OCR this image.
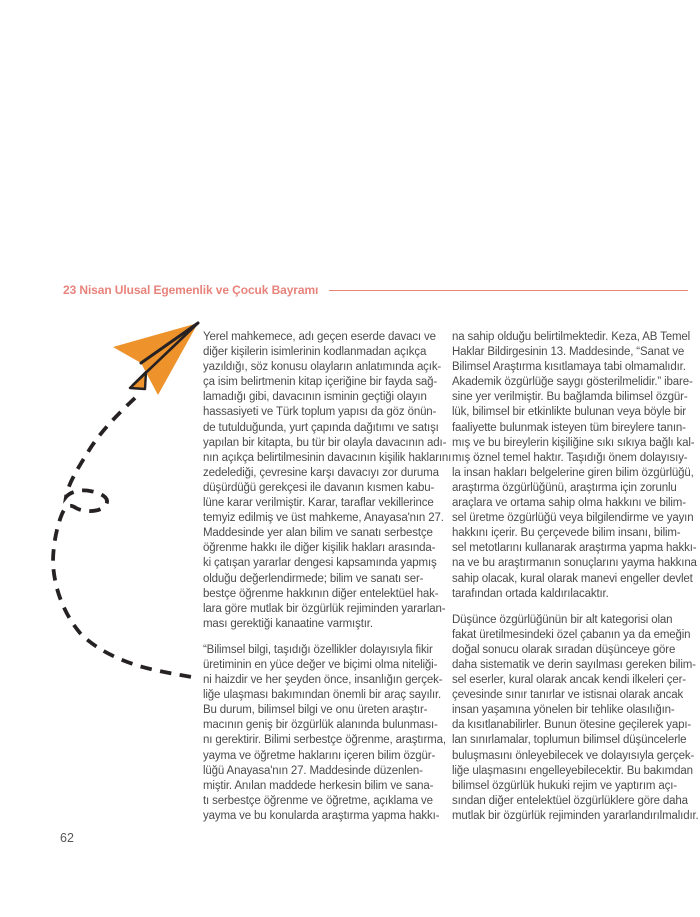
23 Nisan Ulusal Egemenlik ve Çocuk Bayramı
Yerel mahkemece, adı geçen eserde davacı ve
diğer kişilerin isimlerinin kodlanmadan açıkça
yazıldığı, söz konusu olayların anlatımında açık-
ça isim belirtmenin kitap içeriğine bir fayda sağ-
lamadığı gibi, davacının isminin geçtiği olayın
hassasiyeti ve Türk toplum yapısı da göz önün-
de tutulduğunda, yurt çapında dağıtımı ve satışı
yapılan bir kitapta, bu tür bir olayla davacının adı-
nın açıkça belirtilmesinin davacının kişilik haklarını
zedelediği, çevresine karşı davacıyı zor duruma
düşürdüğü gerekçesi ile davanın kısmen kabu-
lüne karar verilmiştir. Karar, taraflar vekillerince
temyiz edilmiş ve üst mahkeme, Anayasa'nın 27.
Maddesinde yer alan bilim ve sanatı serbestçe
öğrenme hakkı ile diğer kişilik hakları arasında-
ki çatışan yararlar dengesi kapsamında yapmış
olduğu değerlendirmede; bilim ve sanatı ser-
bestçe öğrenme hakkının diğer entelektüel hak-
lara göre mutlak bir özgürlük rejiminden yararlan-
ması gerektiği kanaatine varmıştır.
“Bilimsel bilgi, taşıdığı özellikler dolayısıyla fikir
üretiminin en yüce değer ve biçimi olma niteliği-
ni haizdir ve her şeyden önce, insanlığın gerçek-
liğe ulaşması bakımından önemli bir araç sayılır.
Bu durum, bilimsel bilgi ve onu üreten araştır-
macının geniş bir özgürlük alanında bulunması-
nı gerektirir. Bilimi serbestçe öğrenme, araştırma,
yayma ve öğretme haklarını içeren bilim özgür-
lüğü Anayasa'nın 27. Maddesinde düzenlen-
miştir. Anılan maddede herkesin bilim ve sana-
tı serbestçe öğrenme ve öğretme, açıklama ve
yayma ve bu konularda araştırma yapma hakkı-
na sahip olduğu belirtilmektedir. Keza, AB Temel
Haklar Bildirgesinin 13. Maddesinde, “Sanat ve
Bilimsel Araştırma kısıtlamaya tabi olmamalıdır.
Akademik özgürlüğe saygı gösterilmelidir.” ibare-
sine yer verilmiştir. Bu bağlamda bilimsel özgür-
lük, bilimsel bir etkinlikte bulunan veya böyle bir
faaliyette bulunmak isteyen tüm bireylere tanın-
mış ve bu bireylerin kişiliğine sıkı sıkıya bağlı kal-
mış öznel temel haktır. Taşıdığı önem dolayısıy-
la insan hakları belgelerine giren bilim özgürlüğü,
araştırma özgürlüğünü, araştırma için zorunlu
araçlara ve ortama sahip olma hakkını ve bilim-
sel üretme özgürlüğü veya bilgilendirme ve yayın
hakkını içerir. Bu çerçevede bilim insanı, bilim-
sel metotlarını kullanarak araştırma yapma hakkı-
na ve bu araştırmanın sonuçlarını yayma hakkına
sahip olacak, kural olarak manevi engeller devlet
tarafından ortada kaldırılacaktır.
Düşünce özgürlüğünün bir alt kategorisi olan
fakat üretilmesindeki özel çabanın ya da emeğin
doğal sonucu olarak sıradan düşünceye göre
daha sistematik ve derin sayılması gereken bilim-
sel eserler, kural olarak ancak kendi ilkeleri çer-
çevesinde sınır tanırlar ve istisnai olarak ancak
insan yaşamına yönelen bir tehlike olasılığın-
da kısıtlanabilirler. Bunun ötesine geçilerek yapı-
lan sınırlamalar, toplumun bilimsel düşüncelerle
buluşmasını önleyebilecek ve dolayısıyla gerçek-
liğe ulaşmasını engelleyebilecektir. Bu bakımdan
bilimsel özgürlük hukuki rejim ve yaptırım açı-
sından diğer entelektüel özgürlüklere göre daha
mutlak bir özgürlük rejiminden yararlandırılmalıdır.
62
